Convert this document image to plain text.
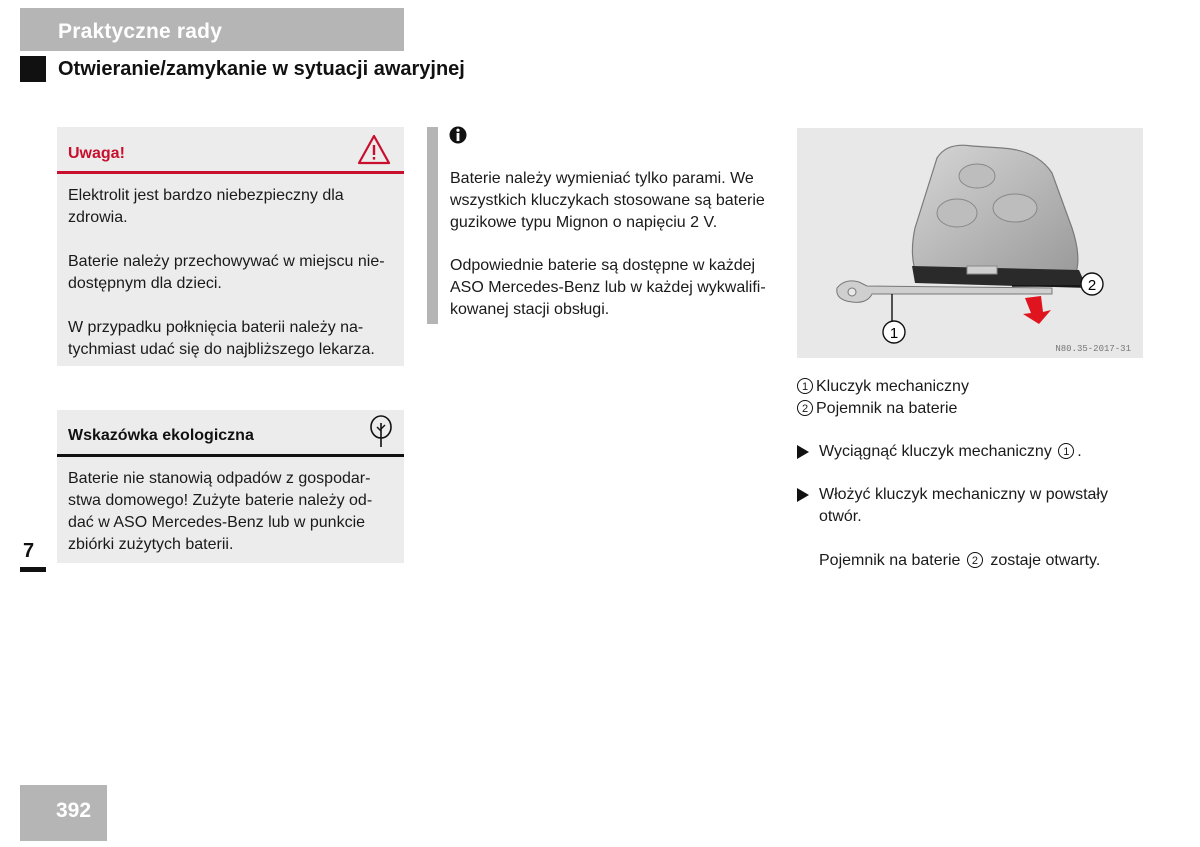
Praktyczne rady
Otwieranie/zamykanie w sytuacji awaryjnej
Uwaga!
Elektrolit jest bardzo niebezpieczny dla
zdrowia.
Baterie należy przechowywać w miejscu nie-
dostępnym dla dzieci.
W przypadku połknięcia baterii należy na-
tychmiast udać się do najbliższego lekarza.
Wskazówka ekologiczna
Baterie nie stanowią odpadów z gospodar-
stwa domowego! Zużyte baterie należy od-
dać w ASO Mercedes-Benz lub w punkcie
zbiórki zużytych baterii.
7
Baterie należy wymieniać tylko parami. We
wszystkich kluczykach stosowane są baterie
guzikowe typu Mignon o napięciu 2 V.
Odpowiednie baterie są dostępne w każdej
ASO Mercedes-Benz lub w każdej wykwalifi-
kowanej stacji obsługi.
1
2
N80.35-2017-31
1 Kluczyk mechaniczny
2 Pojemnik na baterie
Wyciągnąć kluczyk mechaniczny 1 .
Włożyć kluczyk mechaniczny w powstały
otwór.
Pojemnik na baterie 2 zostaje otwarty.
392
